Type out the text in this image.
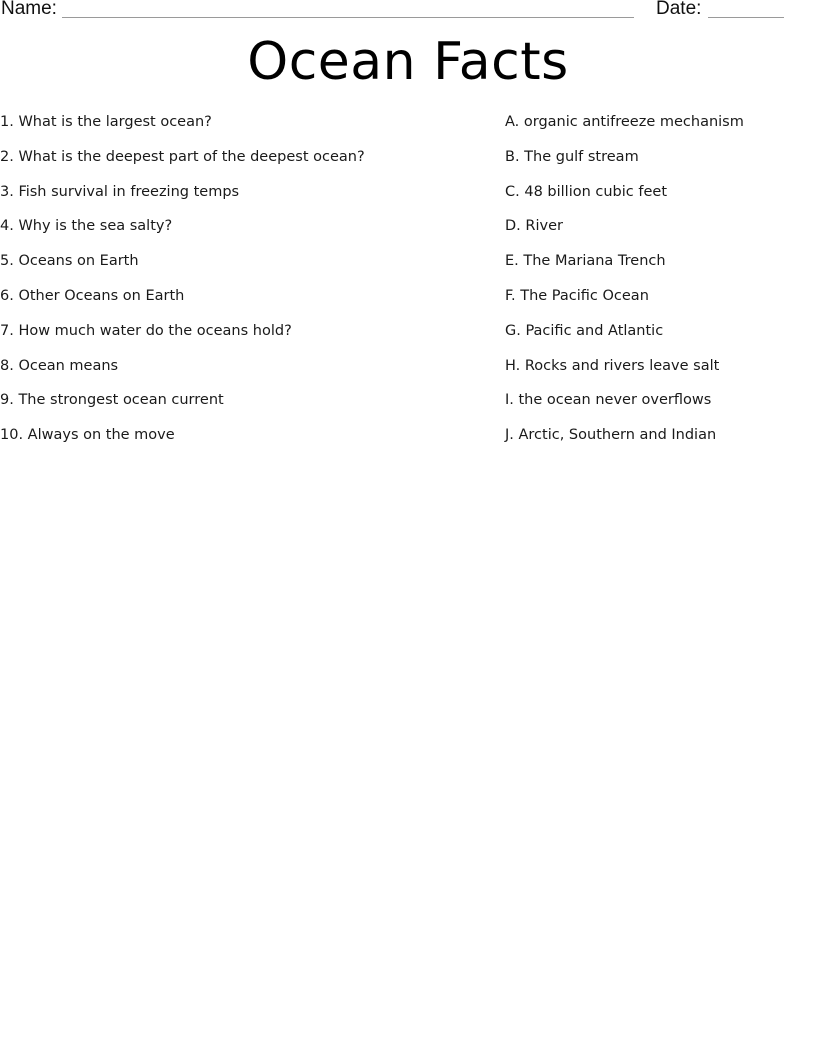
Name:	Date:
Ocean Facts
1. What is the largest ocean?
2. What is the deepest part of the deepest ocean?
3. Fish survival in freezing temps
4. Why is the sea salty?
5. Oceans on Earth
6. Other Oceans on Earth
7. How much water do the oceans hold?
8. Ocean means
9. The strongest ocean current
10. Always on the move
A. organic antifreeze mechanism
B. The gulf stream
C. 48 billion cubic feet
D. River
E. The Mariana Trench
F. The Pacific Ocean
G. Pacific and Atlantic
H. Rocks and rivers leave salt
I. the ocean never overflows
J. Arctic, Southern and Indian
